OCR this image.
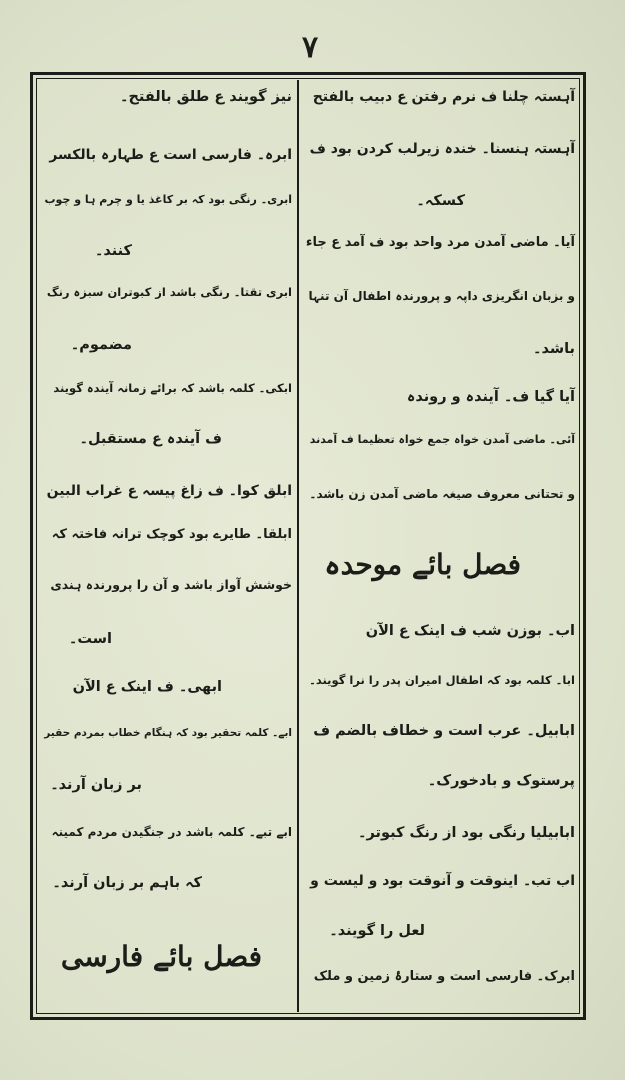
۷
آہستہ چلنا ف نرم رفتن ع دبیب بالفتح
آہستہ ہنسنا۔ خندہ زیرلب کردن بود ف
کسکہ۔
آیا۔ ماضی آمدن مرد واحد بود ف آمد ع جاء
و بزبان انگریزی داپہ و پرورندہ اطفال آن تنہا
باشد۔
آیا گیا ف۔ آیندہ و روندہ
آئی۔ ماضی آمدن خواہ جمع خواہ تعظیما ف آمدند
و تحتانی معروف صیغہ ماضی آمدن زن باشد۔
فصل بائے موحدہ
اب۔ بوزن شب ف اینک ع الآن
ابا۔ کلمہ بود کہ اطفال امیران پدر را نرا گویند۔
ابابیل۔ عرب است و خطاف بالضم ف
پرستوک و بادخورک۔
ابابیلیا رنگی بود از رنگ کبوتر۔
اب تب۔ اینوقت و آنوقت بود و لیست و
لعل را گویند۔
ابرک۔ فارسی است و ستارۂ زمین و ملک
نیز گویند ع طلق بالفتح۔
ابرہ۔ فارسی است ع طہارہ بالکسر
ابری۔ رنگی بود کہ بر کاغذ یا و چرم ہا و چوب
کنند۔
ابری تقتا۔ رنگی باشد از کبوتران سبزہ رنگ
مضموم۔
ابکی۔ کلمہ باشد کہ برائے زمانہ آیندہ گویند
ف آیندہ ع مستقبل۔
ابلق کوا۔ ف زاغ پیسہ ع غراب البین
ابلقا۔ طایرے بود کوچک ترانہ فاختہ کہ
خوشش آواز باشد و آن را پرورندہ ہندی
است۔
ابھی۔ ف اینک ع الآن
ابے۔ کلمہ تحقیر بود کہ ہنگام خطاب بمردم حقیر
بر زبان آرند۔
ابے تبے۔ کلمہ باشد در جنگیدن مردم کمینہ
کہ باہم بر زبان آرند۔
فصل بائے فارسی
